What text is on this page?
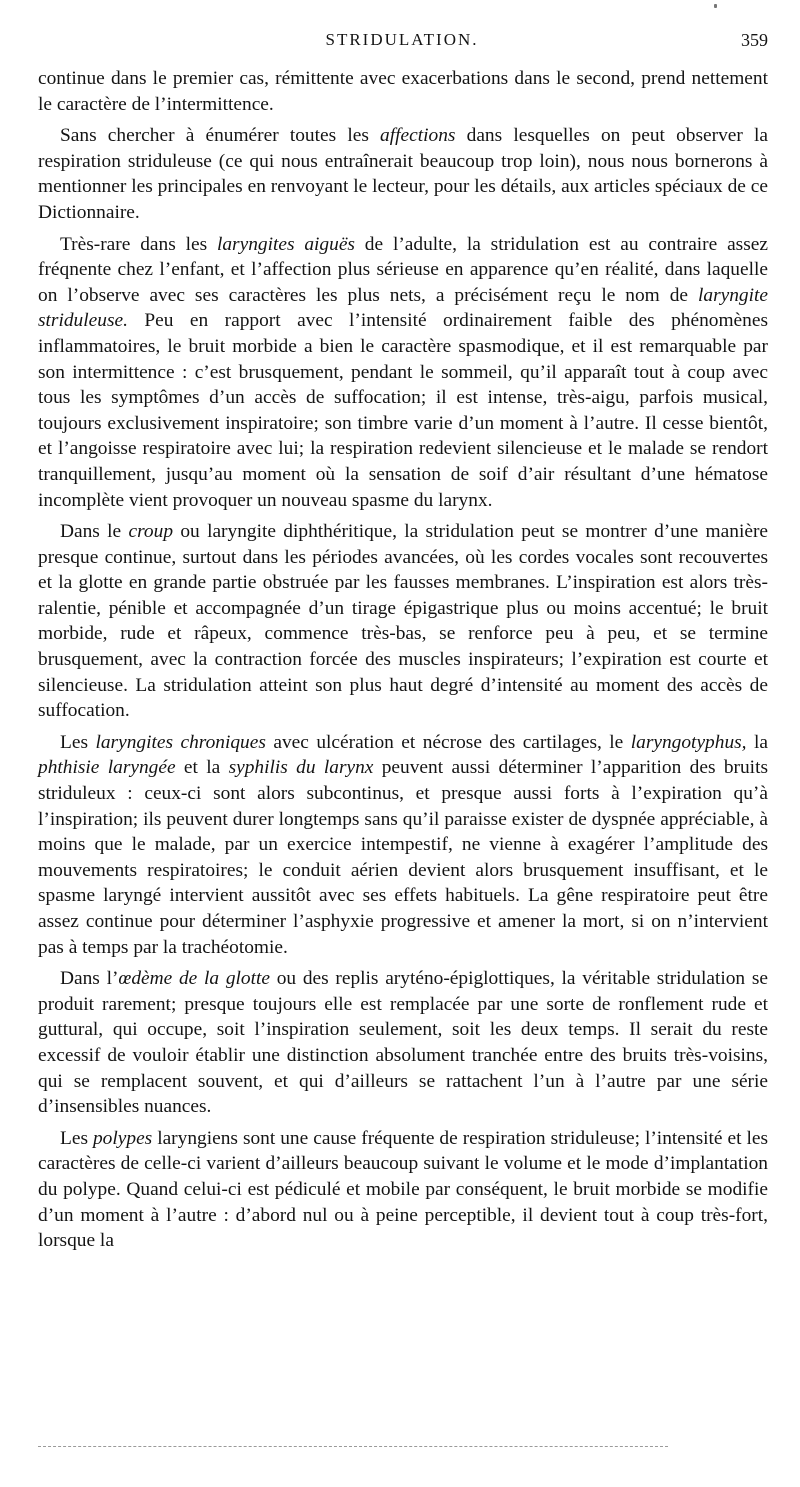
STRIDULATION.	359

continue dans le premier cas, rémittente avec exacerbations dans le second, prend nettement le caractère de l’intermittence.

Sans chercher à énumérer toutes les affections dans lesquelles on peut observer la respiration striduleuse (ce qui nous entraînerait beaucoup trop loin), nous nous bornerons à mentionner les principales en renvoyant le lecteur, pour les détails, aux articles spéciaux de ce Dictionnaire.

Très-rare dans les laryngites aiguës de l’adulte, la stridulation est au contraire assez fréqnente chez l’enfant, et l’affection plus sérieuse en apparence qu’en réalité, dans laquelle on l’observe avec ses caractères les plus nets, a précisément reçu le nom de laryngite striduleuse. Peu en rapport avec l’intensité ordinairement faible des phénomènes inflammatoires, le bruit morbide a bien le caractère spasmodique, et il est remarquable par son intermittence : c’est brusquement, pendant le sommeil, qu’il apparaît tout à coup avec tous les symptômes d’un accès de suffocation; il est intense, très-aigu, parfois musical, toujours exclusivement inspiratoire; son timbre varie d’un moment à l’autre. Il cesse bientôt, et l’angoisse respiratoire avec lui; la respiration redevient silencieuse et le malade se rendort tranquillement, jusqu’au moment où la sensation de soif d’air résultant d’une hématose incomplète vient provoquer un nouveau spasme du larynx.

Dans le croup ou laryngite diphthéritique, la stridulation peut se montrer d’une manière presque continue, surtout dans les périodes avancées, où les cordes vocales sont recouvertes et la glotte en grande partie obstruée par les fausses membranes. L’inspiration est alors très-ralentie, pénible et accompagnée d’un tirage épigastrique plus ou moins accentué; le bruit morbide, rude et râpeux, commence très-bas, se renforce peu à peu, et se termine brusquement, avec la contraction forcée des muscles inspirateurs; l’expiration est courte et silencieuse. La stridulation atteint son plus haut degré d’intensité au moment des accès de suffocation.

Les laryngites chroniques avec ulcération et nécrose des cartilages, le laryngotyphus, la phthisie laryngée et la syphilis du larynx peuvent aussi déterminer l’apparition des bruits striduleux : ceux-ci sont alors subcontinus, et presque aussi forts à l’expiration qu’à l’inspiration; ils peuvent durer longtemps sans qu’il paraisse exister de dyspnée appréciable, à moins que le malade, par un exercice intempestif, ne vienne à exagérer l’amplitude des mouvements respiratoires; le conduit aérien devient alors brusquement insuffisant, et le spasme laryngé intervient aussitôt avec ses effets habituels. La gêne respiratoire peut être assez continue pour déterminer l’asphyxie progressive et amener la mort, si on n’intervient pas à temps par la trachéotomie.

Dans l’œdème de la glotte ou des replis aryténo-épiglottiques, la véritable stridulation se produit rarement; presque toujours elle est remplacée par une sorte de ronflement rude et guttural, qui occupe, soit l’inspiration seulement, soit les deux temps. Il serait du reste excessif de vouloir établir une distinction absolument tranchée entre des bruits très-voisins, qui se remplacent souvent, et qui d’ailleurs se rattachent l’un à l’autre par une série d’insensibles nuances.

Les polypes laryngiens sont une cause fréquente de respiration striduleuse; l’intensité et les caractères de celle-ci varient d’ailleurs beaucoup suivant le volume et le mode d’implantation du polype. Quand celui-ci est pédiculé et mobile par conséquent, le bruit morbide se modifie d’un moment à l’autre : d’abord nul ou à peine perceptible, il devient tout à coup très-fort, lorsque la
